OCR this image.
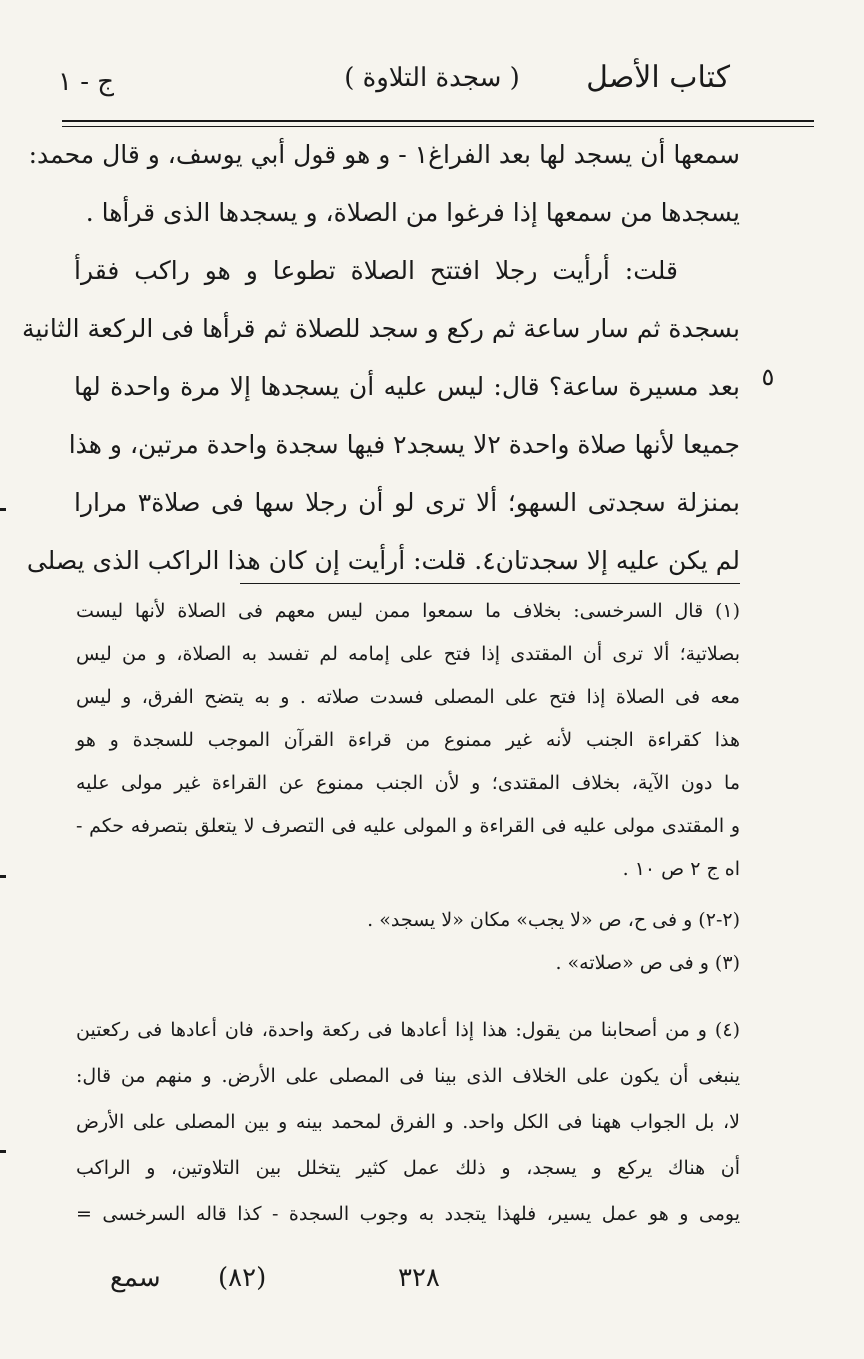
كتاب الأصل
( سجدة التلاوة )
ج - ١
سمعها أن يسجد لها بعد الفراغ١ - و هو قول أبي يوسف، و قال محمد:
يسجدها من سمعها إذا فرغوا من الصلاة، و يسجدها الذى قرأها .
قلت: أرأيت رجلا افتتح الصلاة تطوعا و هو راكب فقرأ
بسجدة ثم سار ساعة ثم ركع و سجد للصلاة ثم قرأها فى الركعة الثانية
بعد مسيرة ساعة؟ قال: ليس عليه أن يسجدها إلا مرة واحدة لها
جميعا لأنها صلاة واحدة ٢لا يسجد٢ فيها سجدة واحدة مرتين، و هذا
بمنزلة سجدتى السهو؛ ألا ترى لو أن رجلا سها فى صلاة٣ مرارا
لم يكن عليه إلا سجدتان٤. قلت: أرأيت إن كان هذا الراكب الذى يصلى
٥
(١) قال السرخسى: بخلاف ما سمعوا ممن ليس معهم فى الصلاة لأنها ليست
بصلاتية؛ ألا ترى أن المقتدى إذا فتح على إمامه لم تفسد به الصلاة، و من ليس
معه فى الصلاة إذا فتح على المصلى فسدت صلاته . و به يتضح الفرق، و ليس
هذا كقراءة الجنب لأنه غير ممنوع من قراءة القرآن الموجب للسجدة و هو
ما دون الآية، بخلاف المقتدى؛ و لأن الجنب ممنوع عن القراءة غير مولى عليه
و المقتدى مولى عليه فى القراءة و المولى عليه فى التصرف لا يتعلق بتصرفه حكم -
اه ج ٢ ص ١٠ .
(٢-٢) و فى ح، ص «لا يجب» مكان «لا يسجد» .
(٣) و فى ص «صلاته» .
(٤) و من أصحابنا من يقول: هذا إذا أعادها فى ركعة واحدة، فان أعادها فى ركعتين
ينبغى أن يكون على الخلاف الذى بينا فى المصلى على الأرض. و منهم من قال:
لا، بل الجواب ههنا فى الكل واحد. و الفرق لمحمد بينه و بين المصلى على الأرض
أن هناك يركع و يسجد، و ذلك عمل كثير يتخلل بين التلاوتين، و الراكب
يومى و هو عمل يسير، فلهذا يتجدد به وجوب السجدة - كذا قاله السرخسى =
سمع (٨٢)	٣٢٨
